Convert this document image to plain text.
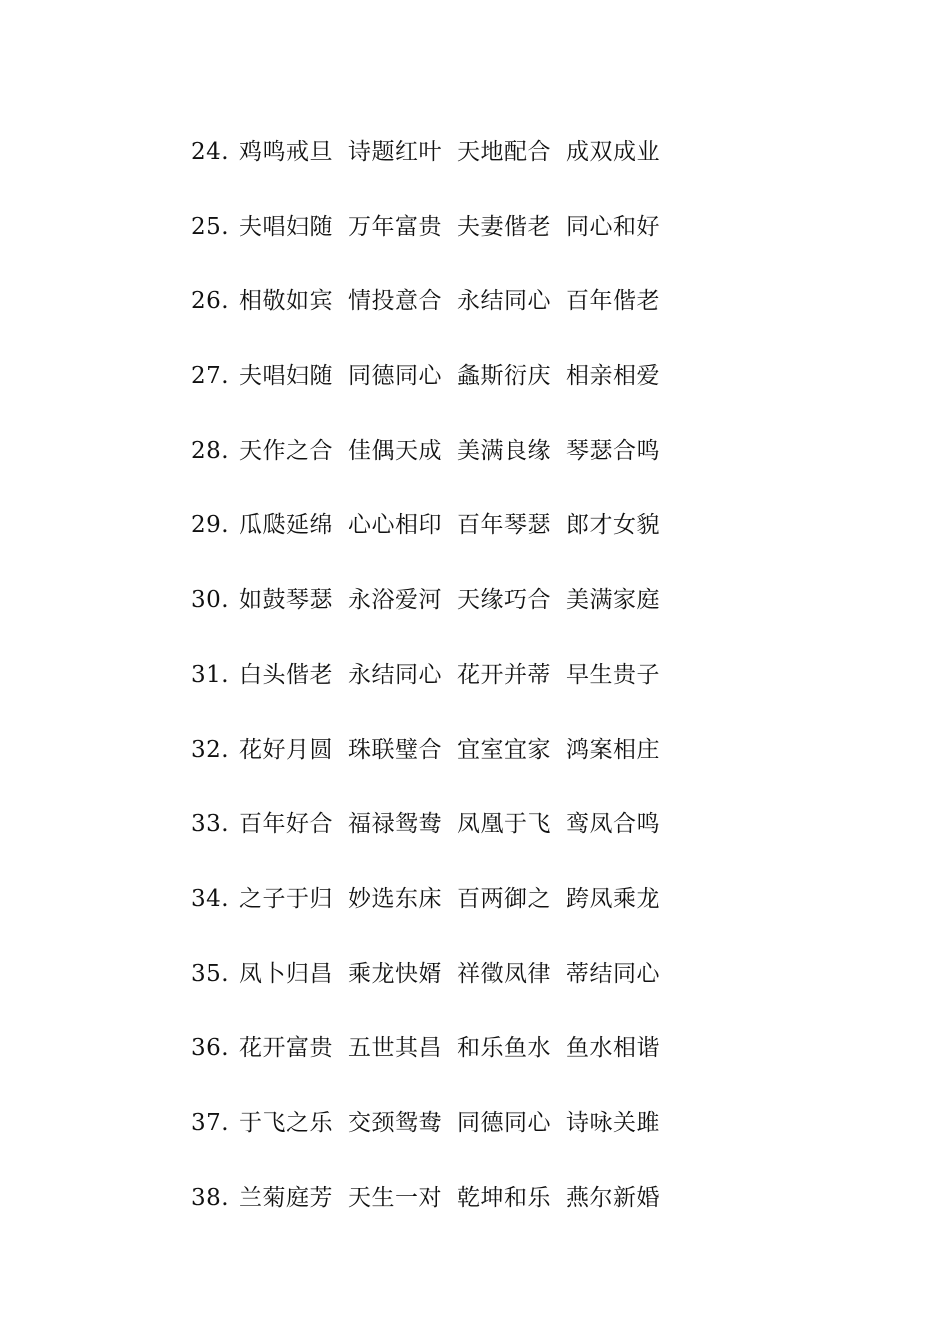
24. 鸡鸣戒旦 诗题红叶 天地配合 成双成业
25. 夫唱妇随 万年富贵 夫妻偕老 同心和好
26. 相敬如宾 情投意合 永结同心 百年偕老
27. 夫唱妇随 同德同心 螽斯衍庆 相亲相爱
28. 天作之合 佳偶天成 美满良缘 琴瑟合鸣
29. 瓜瓞延绵 心心相印 百年琴瑟 郎才女貌
30. 如鼓琴瑟 永浴爱河 天缘巧合 美满家庭
31. 白头偕老 永结同心 花开并蒂 早生贵子
32. 花好月圆 珠联璧合 宜室宜家 鸿案相庄
33. 百年好合 福禄鸳鸯 凤凰于飞 鸾凤合鸣
34. 之子于归 妙选东床 百两御之 跨凤乘龙
35. 凤卜归昌 乘龙快婿 祥徵凤律 蒂结同心
36. 花开富贵 五世其昌 和乐鱼水 鱼水相谐
37. 于飞之乐 交颈鸳鸯 同德同心 诗咏关雎
38. 兰菊庭芳 天生一对 乾坤和乐 燕尔新婚
